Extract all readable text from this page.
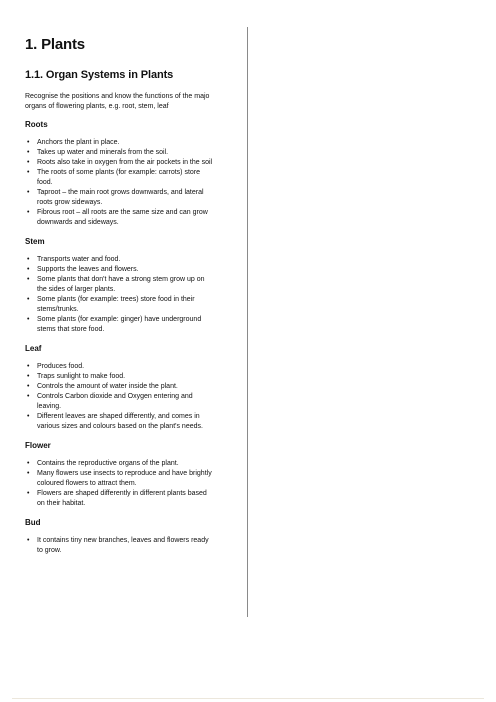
1. Plants
1.1. Organ Systems in Plants

Recognise the positions and know the functions of the majo
organs of flowering plants, e.g. root, stem, leaf

Roots
• Anchors the plant in place.
• Takes up water and minerals from the soil.
• Roots also take in oxygen from the air pockets in the soil
• The roots of some plants (for example: carrots) store
food.
• Taproot – the main root grows downwards, and lateral
roots grow sideways.
• Fibrous root – all roots are the same size and can grow
downwards and sideways.
Stem
• Transports water and food.
• Supports the leaves and flowers.
• Some plants that don't have a strong stem grow up on
the sides of larger plants.
• Some plants (for example: trees) store food in their
stems/trunks.
• Some plants (for example: ginger) have underground
stems that store food.
Leaf
• Produces food.
• Traps sunlight to make food.
• Controls the amount of water inside the plant.
• Controls Carbon dioxide and Oxygen entering and
leaving.
• Different leaves are shaped differently, and comes in
various sizes and colours based on the plant's needs.
Flower
• Contains the reproductive organs of the plant.
• Many flowers use insects to reproduce and have brightly
coloured flowers to attract them.
• Flowers are shaped differently in different plants based
on their habitat.
Bud
• It contains tiny new branches, leaves and flowers ready
to grow.
